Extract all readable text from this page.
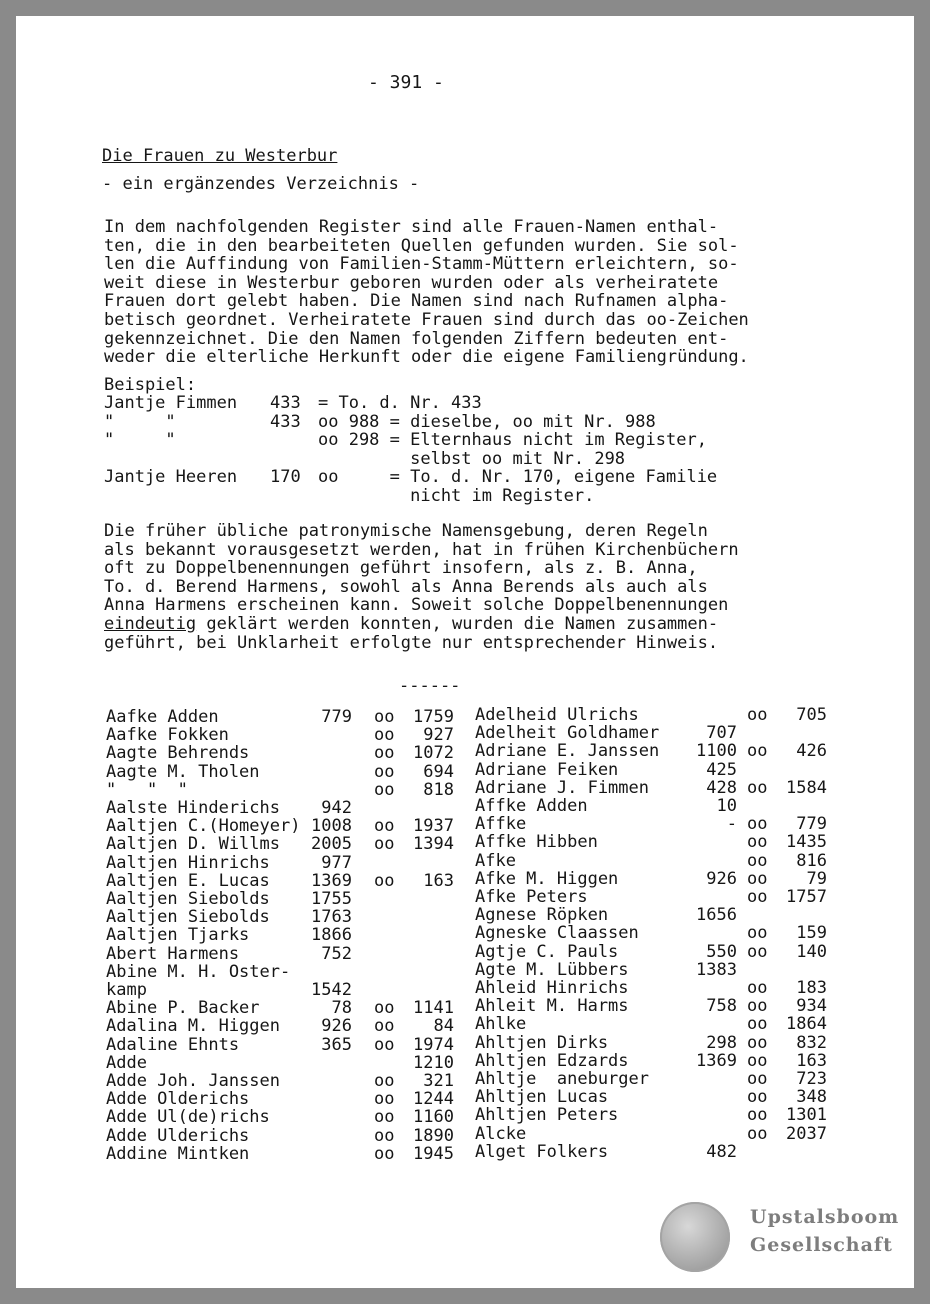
- 391 -
Die Frauen zu Westerbur
- ein ergänzendes Verzeichnis -
In dem nachfolgenden Register sind alle Frauen-Namen enthal-
ten, die in den bearbeiteten Quellen gefunden wurden. Sie sol-
len die Auffindung von Familien-Stamm-Müttern erleichtern, so-
weit diese in Westerbur geboren wurden oder als verheiratete
Frauen dort gelebt haben. Die Namen sind nach Rufnamen alpha-
betisch geordnet. Verheiratete Frauen sind durch das oo-Zeichen
gekennzeichnet. Die den Namen folgenden Ziffern bedeuten ent-
weder die elterliche Herkunft oder die eigene Familiengründung.
Beispiel:
Jantje Fimmen 433 = To. d. Nr. 433
"     "	433 oo 988 = dieselbe, oo mit Nr. 988
"     "	oo 298 = Elternhaus nicht im Register,
selbst oo mit Nr. 298
Jantje Heeren 170 oo     = To. d. Nr. 170, eigene Familie
nicht im Register.
Die früher übliche patronymische Namensgebung, deren Regeln
als bekannt vorausgesetzt werden, hat in frühen Kirchenbüchern
oft zu Doppelbenennungen geführt insofern, als z. B. Anna,
To. d. Berend Harmens, sowohl als Anna Berends als auch als
Anna Harmens erscheinen kann. Soweit solche Doppelbenennungen
eindeutig geklärt werden konnten, wurden die Namen zusammen-
geführt, bei Unklarheit erfolgte nur entsprechender Hinweis.
------
Aafke Adden	779 oo	1759
Aafke Fokken	oo	927
Aagte Behrends	oo	1072
Aagte M. Tholen	oo	694
"   "  "	oo	818
Aalste Hinderichs	942
Aaltjen C.(Homeyer) 1008 oo	1937
Aaltjen D. Willms	2005 oo	1394
Aaltjen Hinrichs	977
Aaltjen E. Lucas	1369 oo	163
Aaltjen Siebolds	1755
Aaltjen Siebolds	1763
Aaltjen Tjarks	1866
Abert Harmens	752
Abine M. H. Oster-
kamp	1542
Abine P. Backer	78 oo	1141
Adalina M. Higgen	926 oo	84
Adaline Ehnts	365 oo	1974
Adde	1210
Adde Joh. Janssen	oo	321
Adde Olderichs	oo	1244
Adde Ul(de)richs	oo	1160
Adde Ulderichs	oo	1890
Addine Mintken	oo	1945
Adelheid Ulrichs	oo	705
Adelheit Goldhamer	707
Adriane E. Janssen	1100 oo	426
Adriane Feiken	425
Adriane J. Fimmen	428 oo	1584
Affke Adden	10
Affke	- oo	779
Affke Hibben	oo	1435
Afke	oo	816
Afke M. Higgen	926 oo	79
Afke Peters	oo	1757
Agnese Röpken	1656
Agneske Claassen	oo	159
Agtje C. Pauls	550 oo	140
Agte M. Lübbers	1383
Ahleid Hinrichs	oo	183
Ahleit M. Harms	758 oo	934
Ahlke	oo	1864
Ahltjen Dirks	298 oo	832
Ahltjen Edzards	1369 oo	163
Ahltje  aneburger	oo	723
Ahltjen Lucas	oo	348
Ahltjen Peters	oo	1301
Alcke	oo	2037
Alget Folkers	482
Upstalsboom
Gesellschaft
